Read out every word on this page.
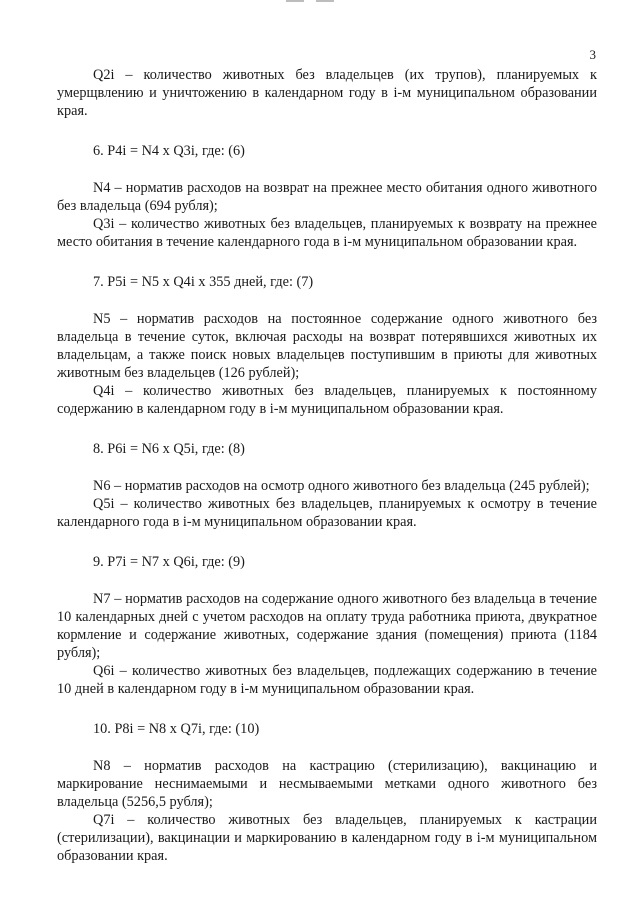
3

Q2i – количество животных без владельцев (их трупов), планируемых к умерщвлению и уничтожению в календарном году в i-м муниципальном образовании края.

6. P4i = N4 x Q3i, где: (6)

N4 – норматив расходов на возврат на прежнее место обитания одного животного без владельца (694 рубля);

Q3i – количество животных без владельцев, планируемых к возврату на прежнее место обитания в течение календарного года в i-м муниципальном образовании края.

7. P5i = N5 x Q4i x 355 дней, где: (7)

N5 – норматив расходов на постоянное содержание одного животного без владельца в течение суток, включая расходы на возврат потерявшихся животных их владельцам, а также поиск новых владельцев поступившим в приюты для животных животным без владельцев (126 рублей);

Q4i – количество животных без владельцев, планируемых к постоянному содержанию в календарном году в i-м муниципальном образовании края.

8. P6i = N6 x Q5i, где: (8)

N6 – норматив расходов на осмотр одного животного без владельца (245 рублей);

Q5i – количество животных без владельцев, планируемых к осмотру в течение календарного года в i-м муниципальном образовании края.

9. P7i = N7 x Q6i, где: (9)

N7 – норматив расходов на содержание одного животного без владельца в течение 10 календарных дней с учетом расходов на оплату труда работника приюта, двукратное кормление и содержание животных, содержание здания (помещения) приюта (1184 рубля);

Q6i – количество животных без владельцев, подлежащих содержанию в течение 10 дней в календарном году в i-м муниципальном образовании края.

10. P8i = N8 x Q7i, где: (10)

N8 – норматив расходов на кастрацию (стерилизацию), вакцинацию и маркирование неснимаемыми и несмываемыми метками одного животного без владельца (5256,5 рубля);

Q7i – количество животных без владельцев, планируемых к кастрации (стерилизации), вакцинации и маркированию в календарном году в i-м муниципальном образовании края.
